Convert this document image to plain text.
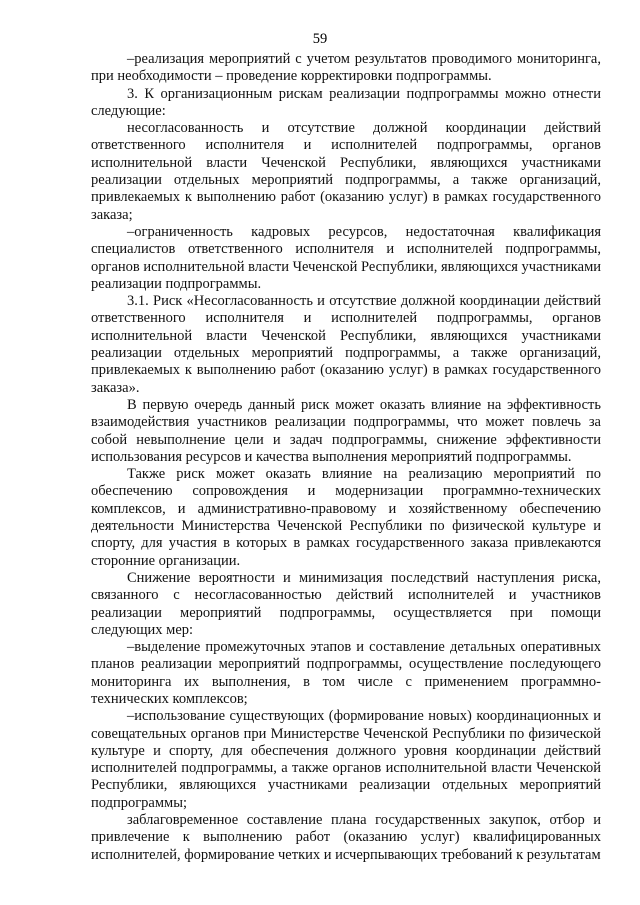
59

–реализация мероприятий с учетом результатов проводимого мониторинга, при необходимости – проведение корректировки подпрограммы.

3. К организационным рискам реализации подпрограммы можно отнести следующие:

несогласованность и отсутствие должной координации действий ответственного исполнителя и исполнителей подпрограммы, органов исполнительной власти Чеченской Республики, являющихся участниками реализации отдельных мероприятий подпрограммы, а также организаций, привлекаемых к выполнению работ (оказанию услуг) в рамках государственного заказа;

–ограниченность кадровых ресурсов, недостаточная квалификация специалистов ответственного исполнителя и исполнителей подпрограммы, органов исполнительной власти Чеченской Республики, являющихся участниками реализации подпрограммы.

3.1. Риск «Несогласованность и отсутствие должной координации действий ответственного исполнителя и исполнителей подпрограммы, органов исполнительной власти Чеченской Республики, являющихся участниками реализации отдельных мероприятий подпрограммы, а также организаций, привлекаемых к выполнению работ (оказанию услуг) в рамках государственного заказа».

В первую очередь данный риск может оказать влияние на эффективность взаимодействия участников реализации подпрограммы, что может повлечь за собой невыполнение цели и задач подпрограммы, снижение эффективности использования ресурсов и качества выполнения мероприятий подпрограммы.

Также риск может оказать влияние на реализацию мероприятий по обеспечению сопровождения и модернизации программно-технических комплексов, и административно-правовому и хозяйственному обеспечению деятельности Министерства Чеченской Республики по физической культуре и спорту, для участия в которых в рамках государственного заказа привлекаются сторонние организации.

Снижение вероятности и минимизация последствий наступления риска, связанного с несогласованностью действий исполнителей и участников реализации мероприятий подпрограммы, осуществляется при помощи следующих мер:

–выделение промежуточных этапов и составление детальных оперативных планов реализации мероприятий подпрограммы, осуществление последующего мониторинга их выполнения, в том числе с применением программно-технических комплексов;

–использование существующих (формирование новых) координационных и совещательных органов при Министерстве Чеченской Республики по физической культуре и спорту, для обеспечения должного уровня координации действий исполнителей подпрограммы, а также органов исполнительной власти Чеченской Республики, являющихся участниками реализации отдельных мероприятий подпрограммы;

заблаговременное составление плана государственных закупок, отбор и привлечение к выполнению работ (оказанию услуг) квалифицированных исполнителей, формирование четких и исчерпывающих требований к результатам
